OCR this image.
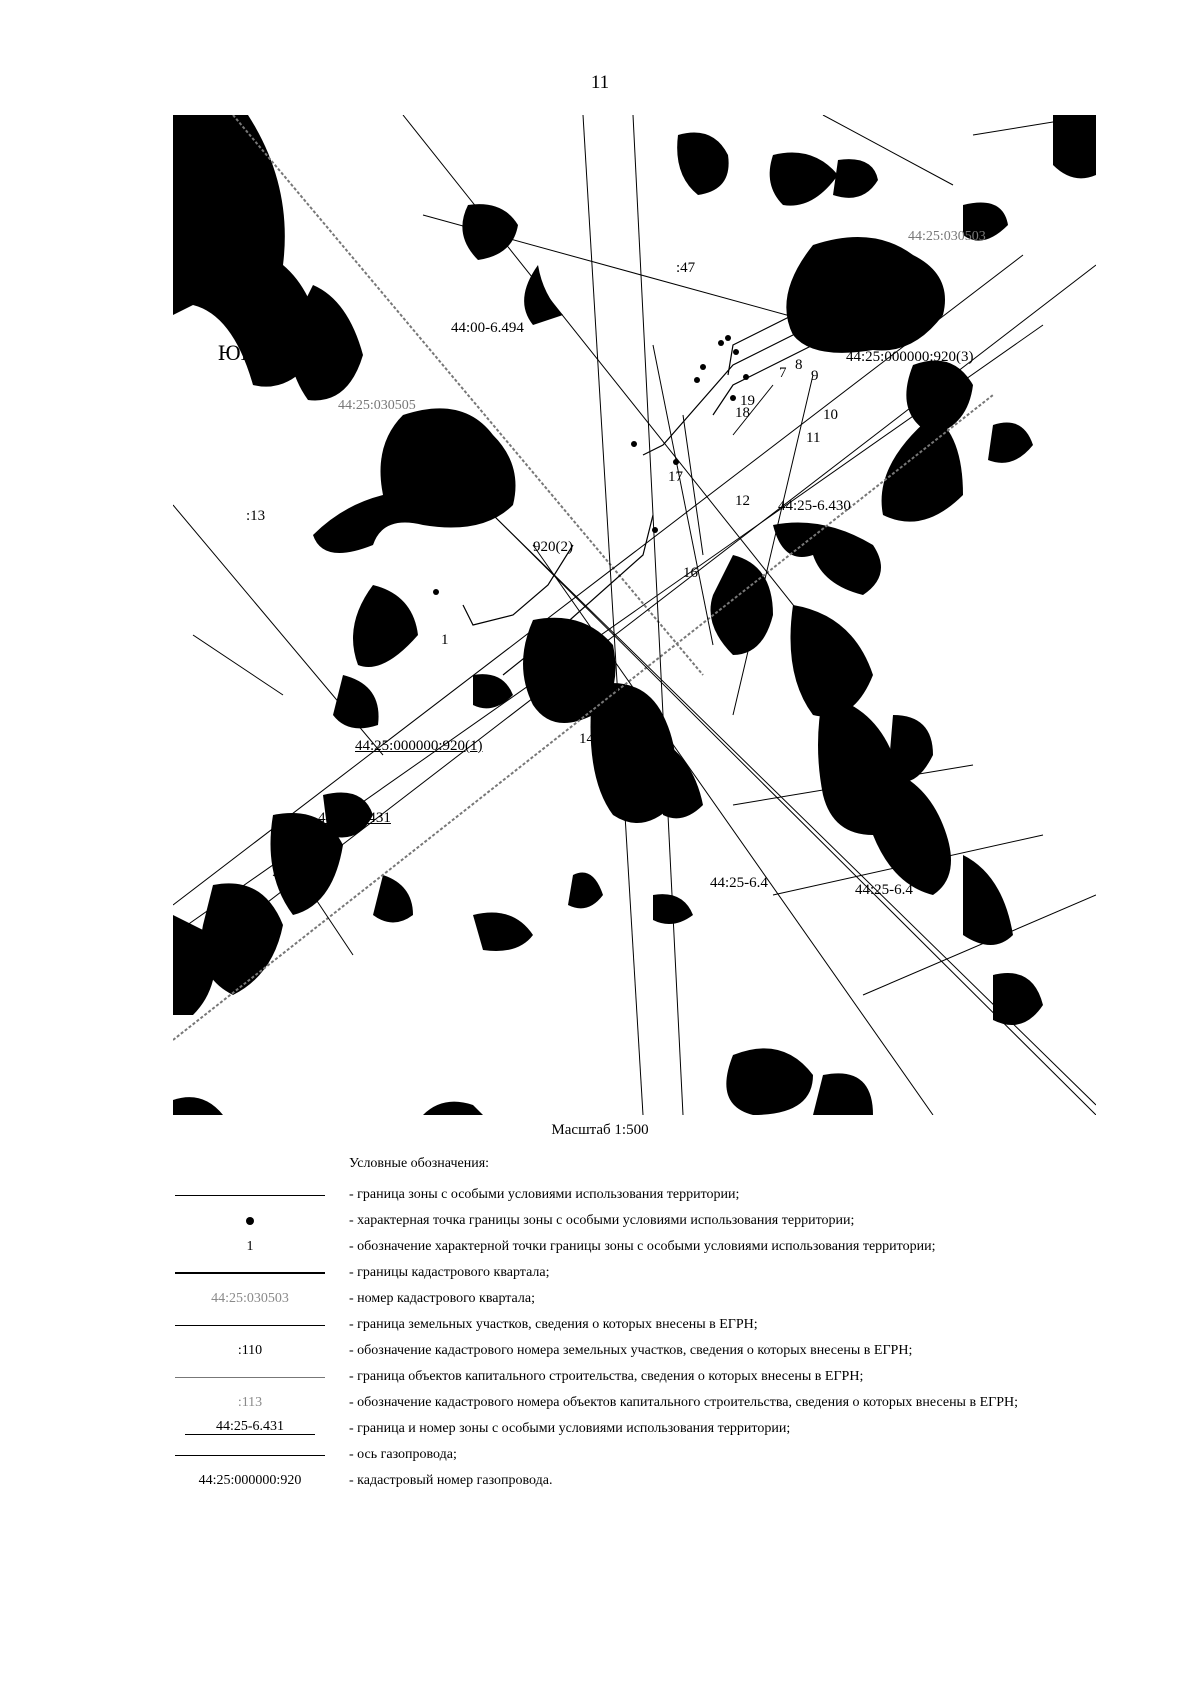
11
С
ЮГ
:47
44:25:030503
44:00-6.494
44:25:000000:920(3)
44:25:030505
:13
44:25-6.430
920(2)
44:25:000000:920(1)
44:25-6.431
44:25-6.4	44:25-6.4
1
3
4 5
7 8
9
10
11
12
14
16
17
18
19
Масштаб 1:500
Условные обозначения:
- граница зоны с особыми условиями использования территории;
- характерная точка границы зоны с особыми условиями использования территории;
1	- обозначение характерной точки границы зоны с особыми условиями использования территории;
- границы кадастрового квартала;
44:25:030503	- номер кадастрового квартала;
- граница земельных участков, сведения о которых внесены в ЕГРН;
:110	- обозначение кадастрового номера земельных участков, сведения о которых внесены в ЕГРН;
- граница объектов капитального строительства, сведения о которых внесены в ЕГРН;
:113	- обозначение кадастрового номера объектов капитального строительства, сведения о которых внесены в ЕГРН;
44:25-6.431	- граница и номер зоны с особыми условиями использования территории;
- ось газопровода;
44:25:000000:920	- кадастровый номер газопровода.
